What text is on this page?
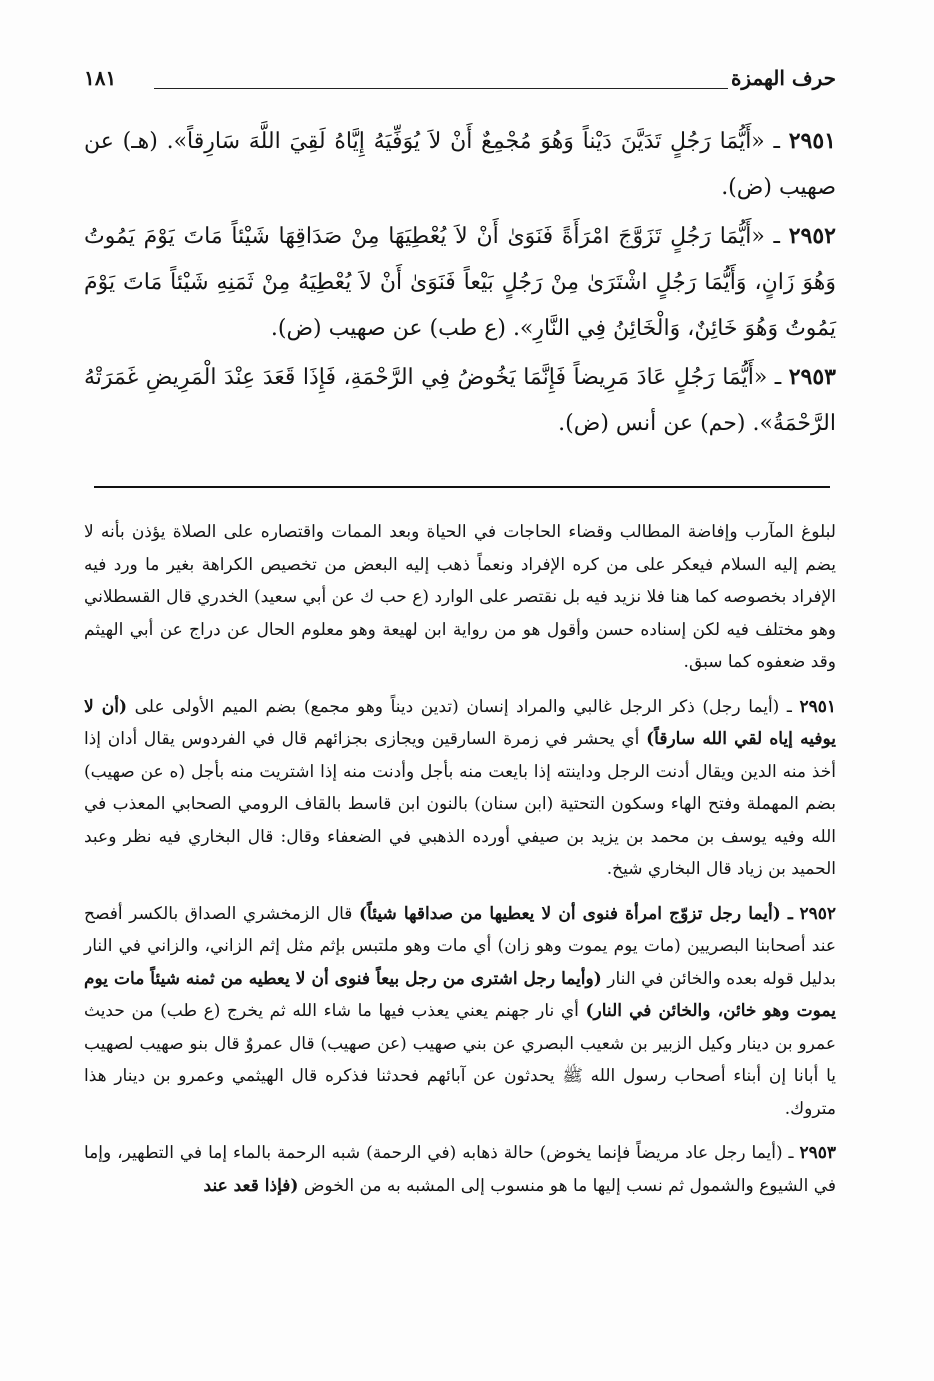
حرف الهمزة
١٨١

٢٩٥١ ـ «أَيُّمَا رَجُلٍ تَدَيَّنَ دَيْناً وَهُوَ مُجْمِعٌ أَنْ لاَ يُوَفِّيَهُ إِيَّاهُ لَقِيَ اللَّهَ سَارِقاً». (هـ) عن صهيب (ض).

٢٩٥٢ ـ «أَيُّمَا رَجُلٍ تَزَوَّجَ امْرَأَةً فَنَوَىٰ أَنْ لاَ يُعْطِيَهَا مِنْ صَدَاقِهَا شَيْئاً مَاتَ يَوْمَ يَمُوتُ وَهُوَ زَانٍ، وَأَيُّمَا رَجُلٍ اشْتَرَىٰ مِنْ رَجُلٍ بَيْعاً فَنَوَىٰ أَنْ لاَ يُعْطِيَهُ مِنْ ثَمَنِهِ شَيْئاً مَاتَ يَوْمَ يَمُوتُ وَهُوَ خَائِنٌ، وَالْخَائِنُ فِي النَّارِ». (ع طب) عن صهيب (ض).

٢٩٥٣ ـ «أَيُّمَا رَجُلٍ عَادَ مَرِيضاً فَإِنَّمَا يَخُوضُ فِي الرَّحْمَةِ، فَإِذَا قَعَدَ عِنْدَ الْمَرِيضِ غَمَرَتْهُ الرَّحْمَةُ». (حم) عن أنس (ض).

لبلوغ المآرب وإفاضة المطالب وقضاء الحاجات في الحياة وبعد الممات واقتصاره على الصلاة يؤذن بأنه لا يضم إليه السلام فيعكر على من كره الإفراد ونعماً ذهب إليه البعض من تخصيص الكراهة بغير ما ورد فيه الإفراد بخصوصه كما هنا فلا نزيد فيه بل نقتصر على الوارد (ع حب ك عن أبي سعيد) الخدري قال القسطلاني وهو مختلف فيه لكن إسناده حسن وأقول هو من رواية ابن لهيعة وهو معلوم الحال عن دراج عن أبي الهيثم وقد ضعفوه كما سبق.

٢٩٥١ ـ (أيما رجل) ذكر الرجل غالبي والمراد إنسان (تدين ديناً وهو مجمع) بضم الميم الأولى على (أن لا يوفيه إياه لقي الله سارقاً) أي يحشر في زمرة السارقين ويجازى بجزائهم قال في الفردوس يقال أدان إذا أخذ منه الدين ويقال أدنت الرجل وداينته إذا بايعت منه بأجل وأدنت منه إذا اشتريت منه بأجل (ه عن صهيب) بضم المهملة وفتح الهاء وسكون التحتية (ابن سنان) بالنون ابن قاسط بالقاف الرومي الصحابي المعذب في الله وفيه يوسف بن محمد بن يزيد بن صيفي أورده الذهبي في الضعفاء وقال: قال البخاري فيه نظر وعبد الحميد بن زياد قال البخاري شيخ.

٢٩٥٢ ـ (أيما رجل تزوّج امرأة فنوى أن لا يعطيها من صداقها شيئاً) قال الزمخشري الصداق بالكسر أفصح عند أصحابنا البصريين (مات يوم يموت وهو زان) أي مات وهو ملتبس بإثم مثل إثم الزاني، والزاني في النار بدليل قوله بعده والخائن في النار (وأيما رجل اشترى من رجل بيعاً فنوى أن لا يعطيه من ثمنه شيئاً مات يوم يموت وهو خائن، والخائن في النار) أي نار جهنم يعني يعذب فيها ما شاء الله ثم يخرج (ع طب) من حديث عمرو بن دينار وكيل الزبير بن شعيب البصري عن بني صهيب (عن صهيب) قال عمروٌ قال بنو صهيب لصهيب يا أبانا إن أبناء أصحاب رسول الله ﷺ يحدثون عن آبائهم فحدثنا فذكره قال الهيثمي وعمرو بن دينار هذا متروك.

٢٩٥٣ ـ (أيما رجل عاد مريضاً فإنما يخوض) حالة ذهابه (في الرحمة) شبه الرحمة بالماء إما في التطهير، وإما في الشيوع والشمول ثم نسب إليها ما هو منسوب إلى المشبه به من الخوض (فإذا قعد عند
